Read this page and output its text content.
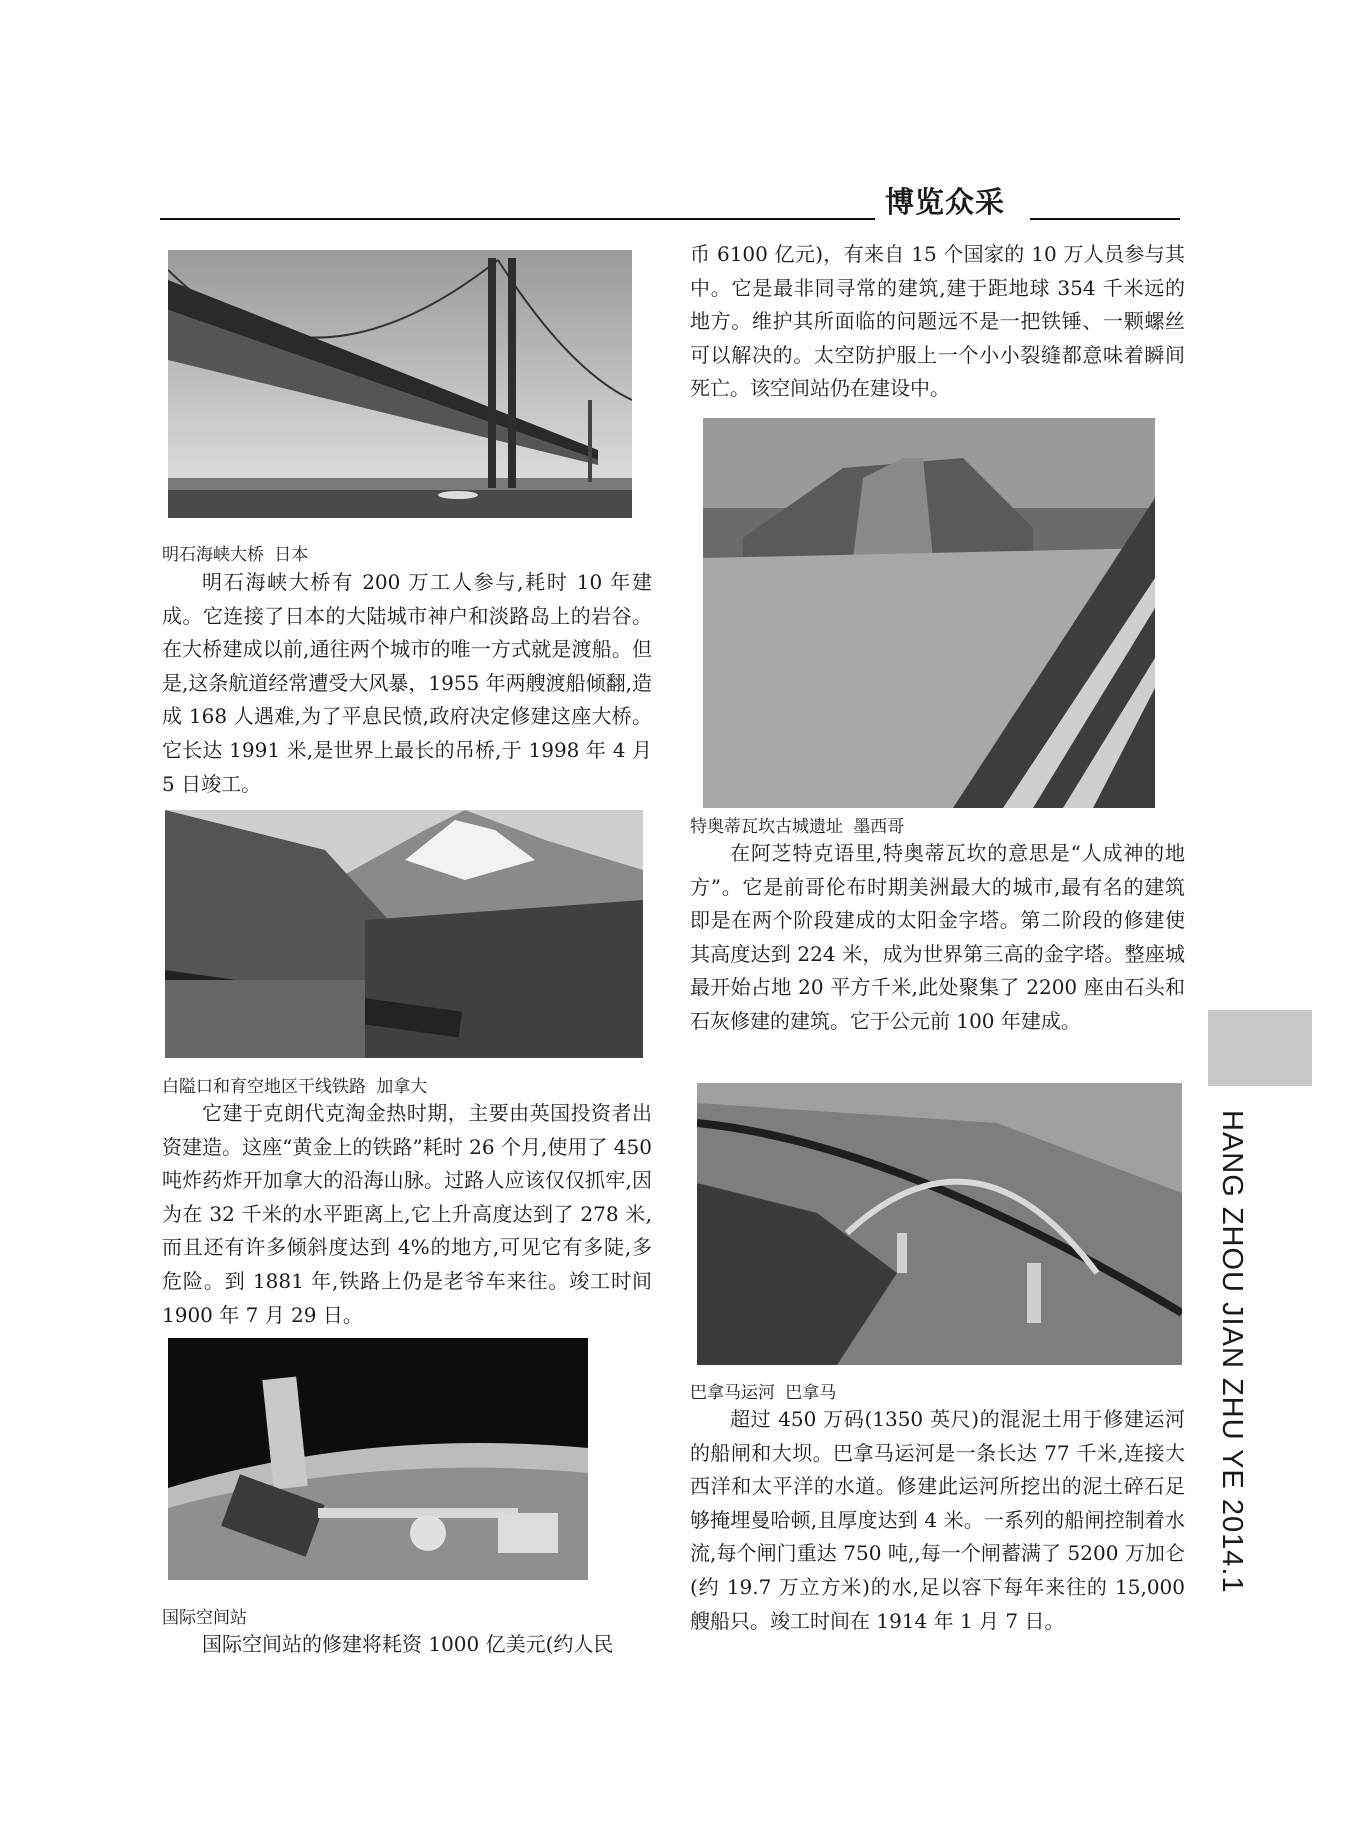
博览众采
明石海峡大桥 日本

明石海峡大桥有 200 万工人参与,耗时 10 年建成。它连接了日本的大陆城市神户和淡路岛上的岩谷。在大桥建成以前,通往两个城市的唯一方式就是渡船。但是,这条航道经常遭受大风暴，1955 年两艘渡船倾翻,造成 168 人遇难,为了平息民愤,政府决定修建这座大桥。它长达 1991 米,是世界上最长的吊桥,于 1998 年 4 月 5 日竣工。

白隘口和育空地区干线铁路 加拿大

它建于克朗代克淘金热时期，主要由英国投资者出资建造。这座“黄金上的铁路”耗时 26 个月,使用了 450 吨炸药炸开加拿大的沿海山脉。过路人应该仅仅抓牢,因为在 32 千米的水平距离上,它上升高度达到了 278 米,而且还有许多倾斜度达到 4%的地方,可见它有多陡,多危险。到 1881 年,铁路上仍是老爷车来往。竣工时间 1900 年 7 月 29 日。

国际空间站

国际空间站的修建将耗资 1000 亿美元(约人民

币 6100 亿元)，有来自 15 个国家的 10 万人员参与其中。它是最非同寻常的建筑,建于距地球 354 千米远的地方。维护其所面临的问题远不是一把铁锤、一颗螺丝可以解决的。太空防护服上一个小小裂缝都意味着瞬间死亡。该空间站仍在建设中。

特奥蒂瓦坎古城遗址 墨西哥

在阿芝特克语里,特奥蒂瓦坎的意思是“人成神的地方”。它是前哥伦布时期美洲最大的城市,最有名的建筑即是在两个阶段建成的太阳金字塔。第二阶段的修建使其高度达到 224 米，成为世界第三高的金字塔。整座城最开始占地 20 平方千米,此处聚集了 2200 座由石头和石灰修建的建筑。它于公元前 100 年建成。

巴拿马运河 巴拿马

超过 450 万码(1350 英尺)的混泥土用于修建运河的船闸和大坝。巴拿马运河是一条长达 77 千米,连接大西洋和太平洋的水道。修建此运河所挖出的泥土碎石足够掩埋曼哈顿,且厚度达到 4 米。一系列的船闸控制着水流,每个闸门重达 750 吨,,每一个闸蓄满了 5200 万加仑(约 19.7 万立方米)的水,足以容下每年来往的 15,000 艘船只。竣工时间在 1914 年 1 月 7 日。

HANG ZHOU JIAN ZHU YE 2014.1
